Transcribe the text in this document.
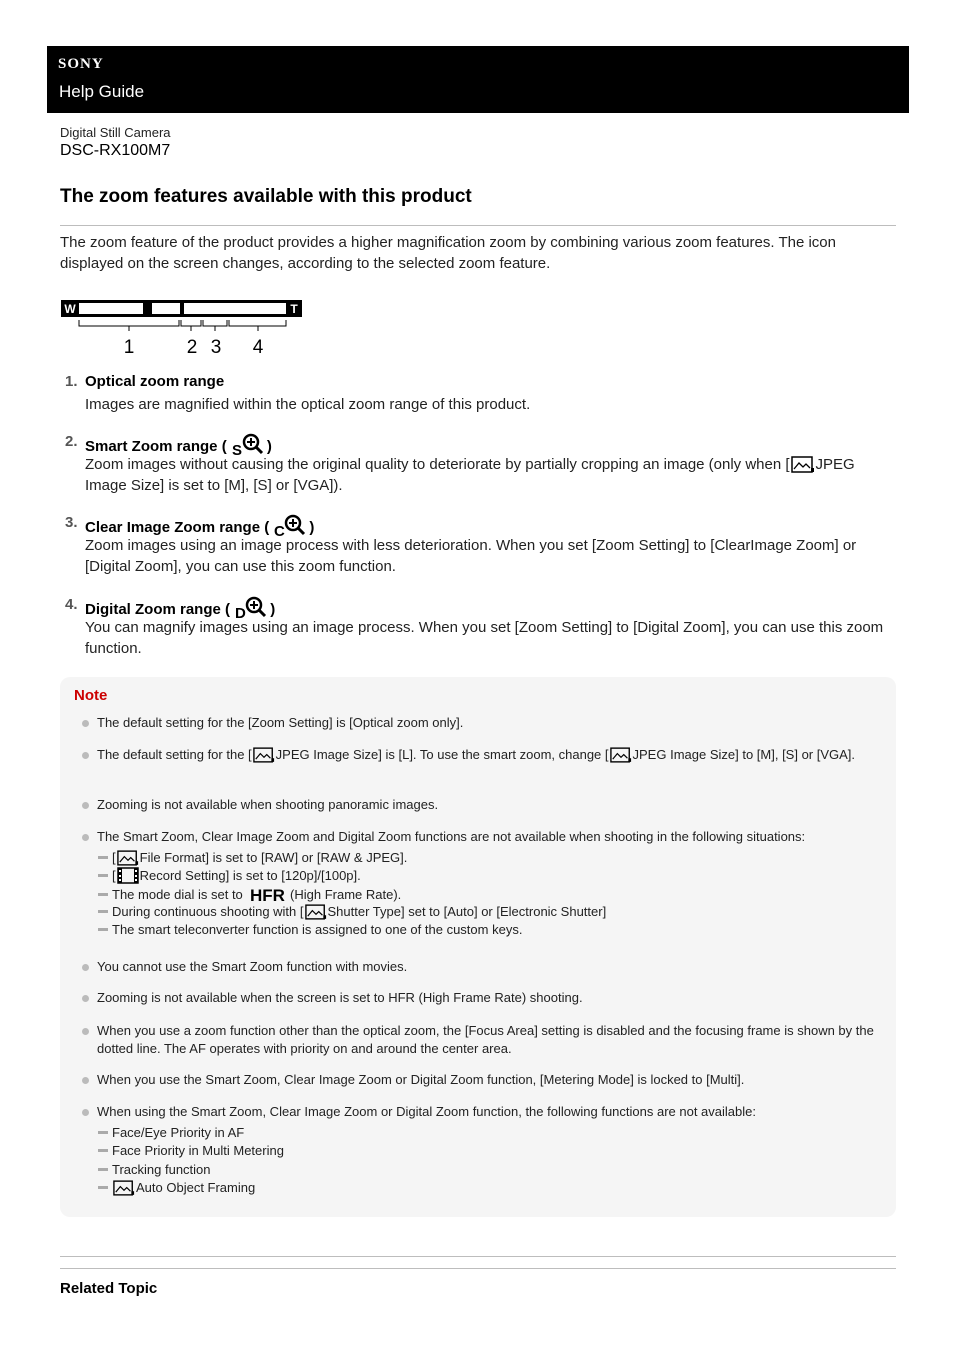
SONY
Help Guide
Digital Still Camera
DSC-RX100M7
The zoom features available with this product
The zoom feature of the product provides a higher magnification zoom by combining various zoom features. The icon displayed on the screen changes, according to the selected zoom feature.
W	T
1	2 3 4
1. Optical zoom range
Images are magnified within the optical zoom range of this product.
2. Smart Zoom range ( S )
Zoom images without causing the original quality to deteriorate by partially cropping an image (only when [ JPEG Image Size] is set to [M], [S] or [VGA]).
3. Clear Image Zoom range ( C )
Zoom images using an image process with less deterioration. When you set [Zoom Setting] to [ClearImage Zoom] or [Digital Zoom], you can use this zoom function.
4. Digital Zoom range ( D )
You can magnify images using an image process. When you set [Zoom Setting] to [Digital Zoom], you can use this zoom function.
Note
The default setting for the [Zoom Setting] is [Optical zoom only].
The default setting for the [ JPEG Image Size] is [L]. To use the smart zoom, change [ JPEG Image Size] to [M], [S] or [VGA].
Zooming is not available when shooting panoramic images.
The Smart Zoom, Clear Image Zoom and Digital Zoom functions are not available when shooting in the following situations:
[ File Format] is set to [RAW] or [RAW & JPEG].
[ Record Setting] is set to [120p]/[100p].
The mode dial is set to HFR (High Frame Rate).
During continuous shooting with [ Shutter Type] set to [Auto] or [Electronic Shutter]
The smart teleconverter function is assigned to one of the custom keys.
You cannot use the Smart Zoom function with movies.
Zooming is not available when the screen is set to HFR (High Frame Rate) shooting.
When you use a zoom function other than the optical zoom, the [Focus Area] setting is disabled and the focusing frame is shown by the dotted line. The AF operates with priority on and around the center area.
When you use the Smart Zoom, Clear Image Zoom or Digital Zoom function, [Metering Mode] is locked to [Multi].
When using the Smart Zoom, Clear Image Zoom or Digital Zoom function, the following functions are not available:
Face/Eye Priority in AF
Face Priority in Multi Metering
Tracking function
Auto Object Framing
Related Topic
